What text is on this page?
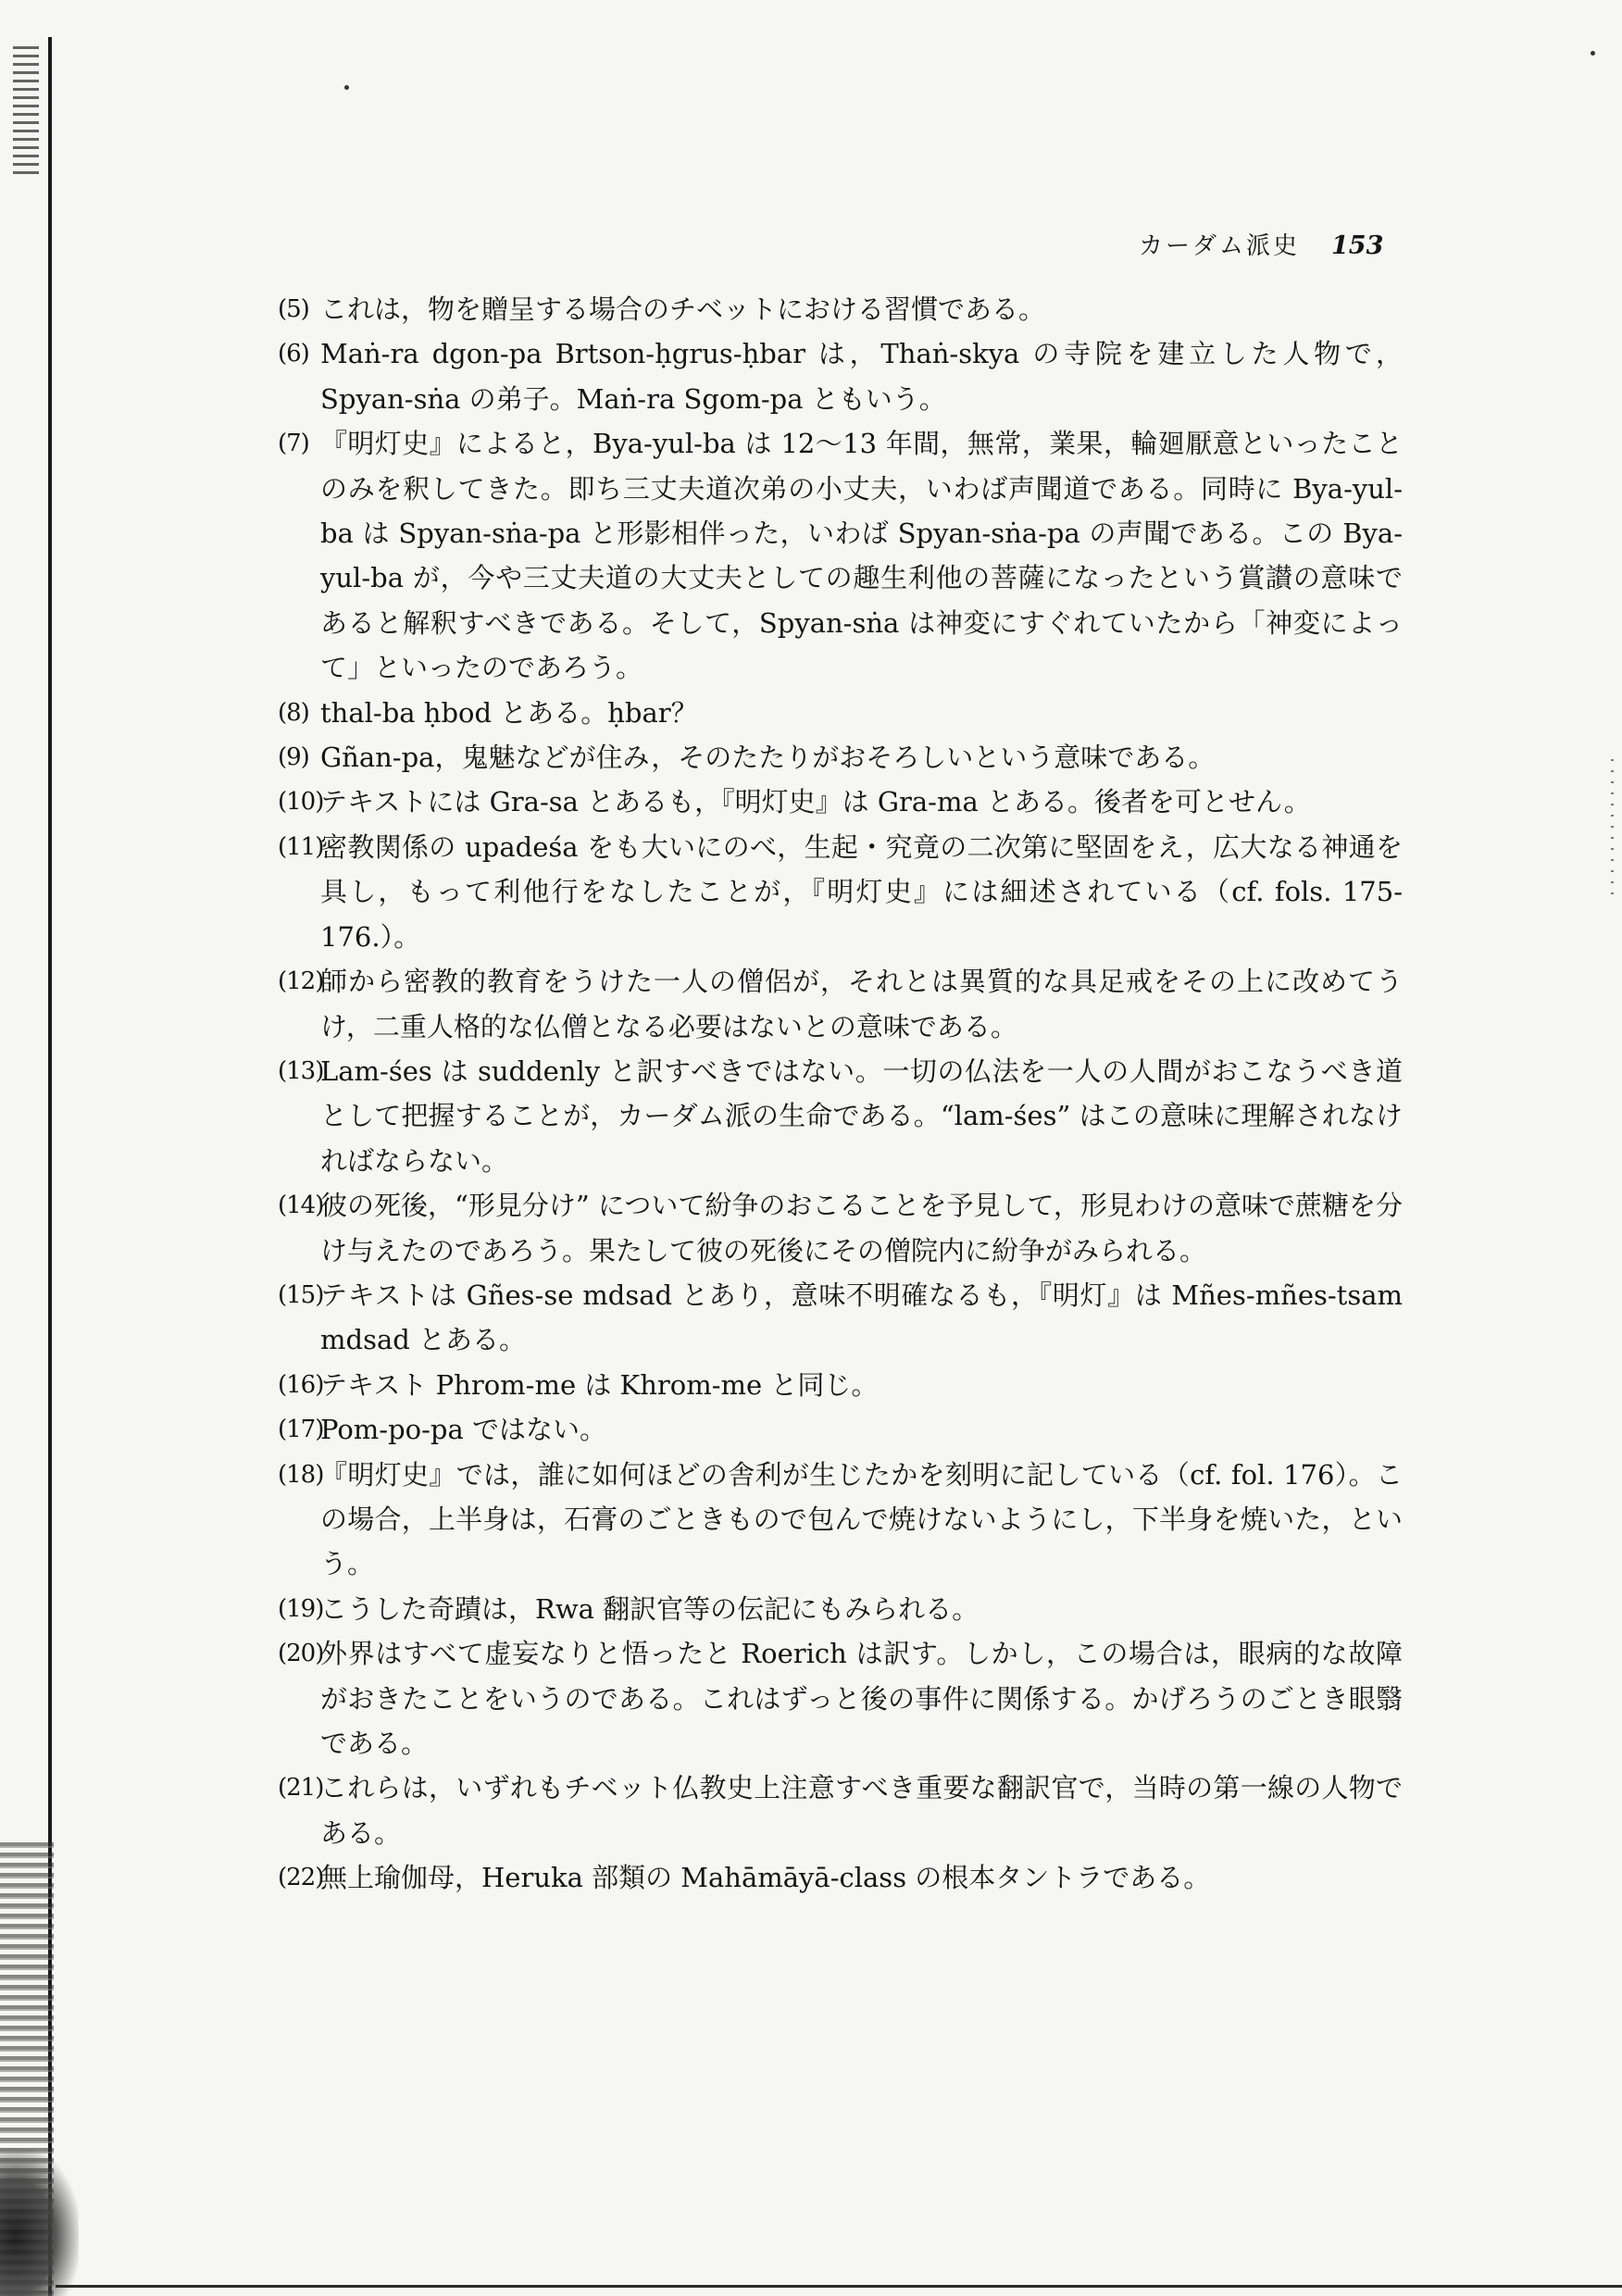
カーダム派史 153
(5) これは，物を贈呈する場合のチベットにおける習慣である。
(6) Maṅ-ra dgon-pa Brtson-ḥgrus-ḥbar は，Thaṅ-skya の寺院を建立した人物で，Spyan-sṅa の弟子。Maṅ-ra Sgom-pa ともいう。
(7) 『明灯史』によると，Bya-yul-ba は 12～13 年間，無常，業果，輪廻厭意といったことのみを釈してきた。即ち三丈夫道次弟の小丈夫，いわば声聞道である。同時に Bya-yul-ba は Spyan-sṅa-pa と形影相伴った，いわば Spyan-sṅa-pa の声聞である。この Bya-yul-ba が，今や三丈夫道の大丈夫としての趣生利他の菩薩になったという賞讃の意味であると解釈すべきである。そして，Spyan-sṅa は神変にすぐれていたから「神変によって」といったのであろう。
(8) thal-ba ḥbod とある。ḥbar？
(9) Gñan-pa，鬼魅などが住み，そのたたりがおそろしいという意味である。
(10)
テキストには Gra-sa とあるも，『明灯史』は Gra-ma とある。後者を可とせん。
(11)
密教関係の upadeśa をも大いにのべ，生起・究竟の二次第に堅固をえ，広大なる神通を具し，もって利他行をなしたことが，『明灯史』には細述されている（cf. fols. 175-176.）。
(12)
師から密教的教育をうけた一人の僧侶が，それとは異質的な具足戒をその上に改めてうけ，二重人格的な仏僧となる必要はないとの意味である。
(13)
Lam-śes は suddenly と訳すべきではない。一切の仏法を一人の人間がおこなうべき道として把握することが，カーダム派の生命である。“lam-śes” はこの意味に理解されなければならない。
(14)
彼の死後，“形見分け” について紛争のおこることを予見して，形見わけの意味で蔗糖を分け与えたのであろう。果たして彼の死後にその僧院内に紛争がみられる。
(15)
テキストは Gñes-se mdsad とあり，意味不明確なるも，『明灯』は Mñes-mñes-tsam mdsad とある。
(16)
テキスト Phrom-me は Khrom-me と同じ。
(17)
Pom-po-pa ではない。
(18)
『明灯史』では，誰に如何ほどの舎利が生じたかを刻明に記している（cf. fol. 176）。この場合，上半身は，石膏のごときもので包んで焼けないようにし，下半身を焼いた，という。
(19)
こうした奇蹟は，Rwa 翻訳官等の伝記にもみられる。
(20)
外界はすべて虚妄なりと悟ったと Roerich は訳す。しかし，この場合は，眼病的な故障がおきたことをいうのである。これはずっと後の事件に関係する。かげろうのごとき眼翳である。
(21)
これらは，いずれもチベット仏教史上注意すべき重要な翻訳官で，当時の第一線の人物である。
(22)
無上瑜伽母，Heruka 部類の Mahāmāyā-class の根本タントラである。
